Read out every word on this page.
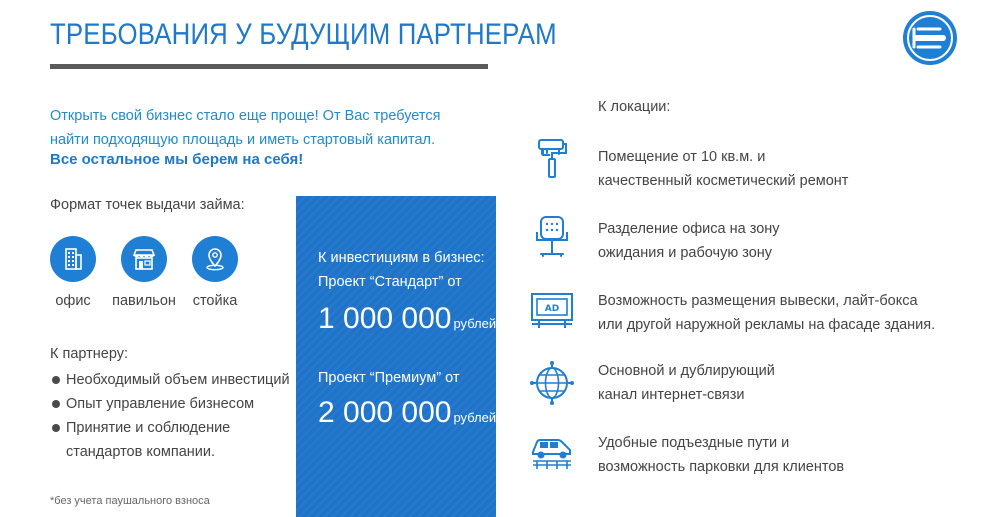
ТРЕБОВАНИЯ У БУДУЩИМ ПАРТНЕРАМ
Открыть свой бизнес стало еще проще! От Вас требуется
найти подходящую площадь и иметь стартовый капитал.
Все остальное мы берем на себя!
Формат точек выдачи займа:
офис	павильон	стойка
К партнеру:
Необходимый объем инвестиций
Опыт управление бизнесом
Принятие и соблюдение
стандартов компании.
*без учета паушального взноса
К инвестициям в бизнес:
Проект “Стандарт” от
1 000 000 рублей*
Проект “Премиум” от
2 000 000 рублей*
К локации:
Помещение от 10 кв.м. и
качественный косметический ремонт
Разделение офиса на зону
ожидания и рабочую зону
AD	Возможность размещения вывески, лайт-бокса
или другой наружной рекламы на фасаде здания.
Основной и дублирующий
канал интернет-связи
Удобные подъездные пути и
возможность парковки для клиентов
